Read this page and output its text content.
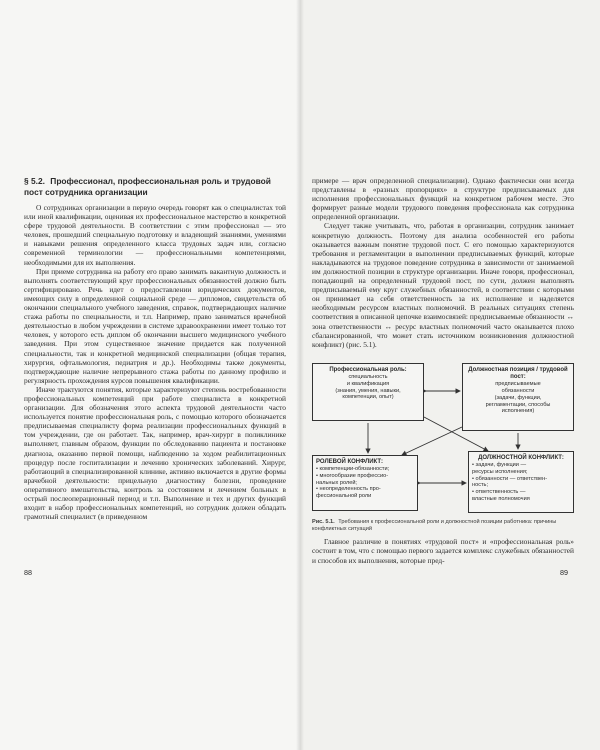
§ 5.2. Профессионал, профессиональная роль и трудовой пост сотрудника организации

О сотрудниках организации в первую очередь говорят как о специалистах той или иной квалификации, оценивая их профессиональное мастерство в конкретной сфере трудовой деятельности. В соответствии с этим профессионал — это человек, прошедший специальную подготовку и владеющий знаниями, умениями и навыками решения определенного класса трудовых задач или, согласно современной терминологии — профессиональными компетенциями, необходимыми для их выполнения.

При приеме сотрудника на работу его право занимать вакантную должность и выполнять соответствующий круг профессиональных обязанностей должно быть сертифицировано. Речь идет о предоставлении юридических документов, имеющих силу в определенной социальной среде — дипломов, свидетельств об окончании специального учебного заведения, справок, подтверждающих наличие стажа работы по специальности, и т.п. Например, право заниматься врачебной деятельностью в любом учреждении в системе здравоохранении имеет только тот человек, у которого есть диплом об окончании высшего медицинского учебного заведения. При этом существенное значение придается как полученной специальности, так и конкретной медицинской специализации (общая терапия, хирургия, офтальмология, педиатрия и др.). Необходимы также документы, подтверждающие наличие непрерывного стажа работы по данному профилю и регулярность прохождения курсов повышения квалификации.

Иначе трактуются понятия, которые характеризуют степень востребованности профессиональных компетенций при работе специалиста в конкретной организации. Для обозначения этого аспекта трудовой деятельности часто используется понятие профессиональная роль, с помощью которого обозначается предписываемая специалисту форма реализации профессиональных функций в том учреждении, где он работает. Так, например, врач-хирург в поликлинике выполняет, главным образом, функции по обследованию пациента и постановке диагноза, оказанию первой помощи, наблюдению за ходом реабилитационных процедур после госпитализации и лечению хронических заболеваний. Хирург, работающий в специализированной клинике, активно включается в другие формы врачебной деятельности: прицельную диагностику болезни, проведение оперативного вмешательства, контроль за состоянием и лечением больных в острый послеоперационный период и т.п. Выполнение и тех и других функций входит в набор профессиональных компетенций, но сотрудник должен обладать грамотный специалист (в приведенном

примере — врач определенной специализации). Однако фактически они всегда представлены в «разных пропорциях» в структуре предписываемых для исполнения профессиональных функций на конкретном рабочем месте. Это формирует разные модели трудового поведения профессионала как сотрудника определенной организации.

Следует также учитывать, что, работая в организации, сотрудник занимает конкретную должность. Поэтому для анализа особенностей его работы оказывается важным понятие трудовой пост. С его помощью характеризуются требования и регламентации в выполнении предписываемых функций, которые накладываются на трудовое поведение сотрудника в зависимости от занимаемой им должностной позиции в структуре организации. Иначе говоря, профессионал, попадающий на определенный трудовой пост, по сути, должен выполнять предписываемый ему круг служебных обязанностей, в соответствии с которыми он принимает на себя ответственность за их исполнение и наделяется необходимым ресурсом властных полномочий. В реальных ситуациях степень соответствия в описанной цепочке взаимосвязей: предписываемые обязанности ↔ зона ответственности ↔ ресурс властных полномочий часто оказывается плохо сбалансированной, что может стать источником возникновения должностной конфликт) (рис. 5.1).

Профессиональная роль:
специальность
и квалификация
(знания, умения, навыки,
компетенции, опыт)
Должностная позиция / трудовой пост:
предписываемые
обязанности
(задачи, функции,
регламентации, способы
исполнения)
РОЛЕВОЙ КОНФЛИКТ:
• компетенции-обязанности;
• многообразие профессио-
нальных ролей;
• неопределенность про-
фессиональной роли
ДОЛЖНОСТНОЙ КОНФЛИКТ:
• задачи, функции —
ресурсы исполнения;
• обязанности — ответствен-
ность;
• ответственность —
властные полномочия

Рис. 5.1. Требования к профессиональной роли и должностной позиции работника: причины конфликтных ситуаций

Главное различие в понятиях «трудовой пост» и «профессиональная роль» состоит в том, что с помощью первого задается комплекс служебных обязанностей и способов их выполнения, которые пред-

88	89
